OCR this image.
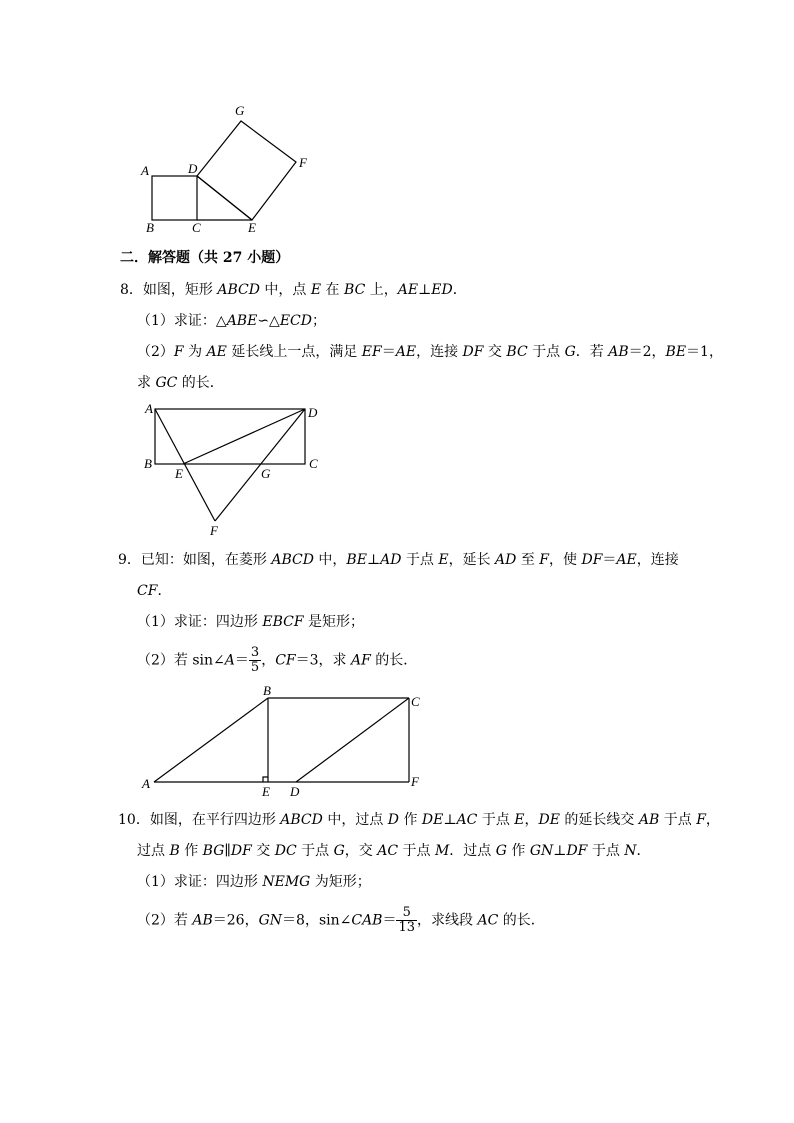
A
B	C
D
E
F
G
A
B	C
D
E
F
G
A
B
C
D
E
F
二．解答题（共 27 小题）
8．如图，矩形 ABCD 中，点 E 在 BC 上，AE⊥ED．
（1）求证：△ABE∽△ECD；
（2）F 为 AE 延长线上一点，满足 EF＝AE，连接 DF 交 BC 于点 G．若 AB＝2，BE＝1，
求 GC 的长．
9．已知：如图，在菱形 ABCD 中，BE⊥AD 于点 E，延长 AD 至 F，使 DF＝AE，连接
CF．
（1）求证：四边形 EBCF 是矩形；
（2）若 sin∠A＝ $\frac{3}{5}$ ，CF＝3，求 AF 的长．
10．如图，在平行四边形 ABCD 中，过点 D 作 DE⊥AC 于点 E，DE 的延长线交 AB 于点 F，
过点 B 作 BG∥DF 交 DC 于点 G，交 AC 于点 M．过点 G 作 GN⊥DF 于点 N．
（1）求证：四边形 NEMG 为矩形；
（2）若 AB＝26，GN＝8，sin∠CAB＝ $\frac{5}{13}$ ，求线段 AC 的长．
